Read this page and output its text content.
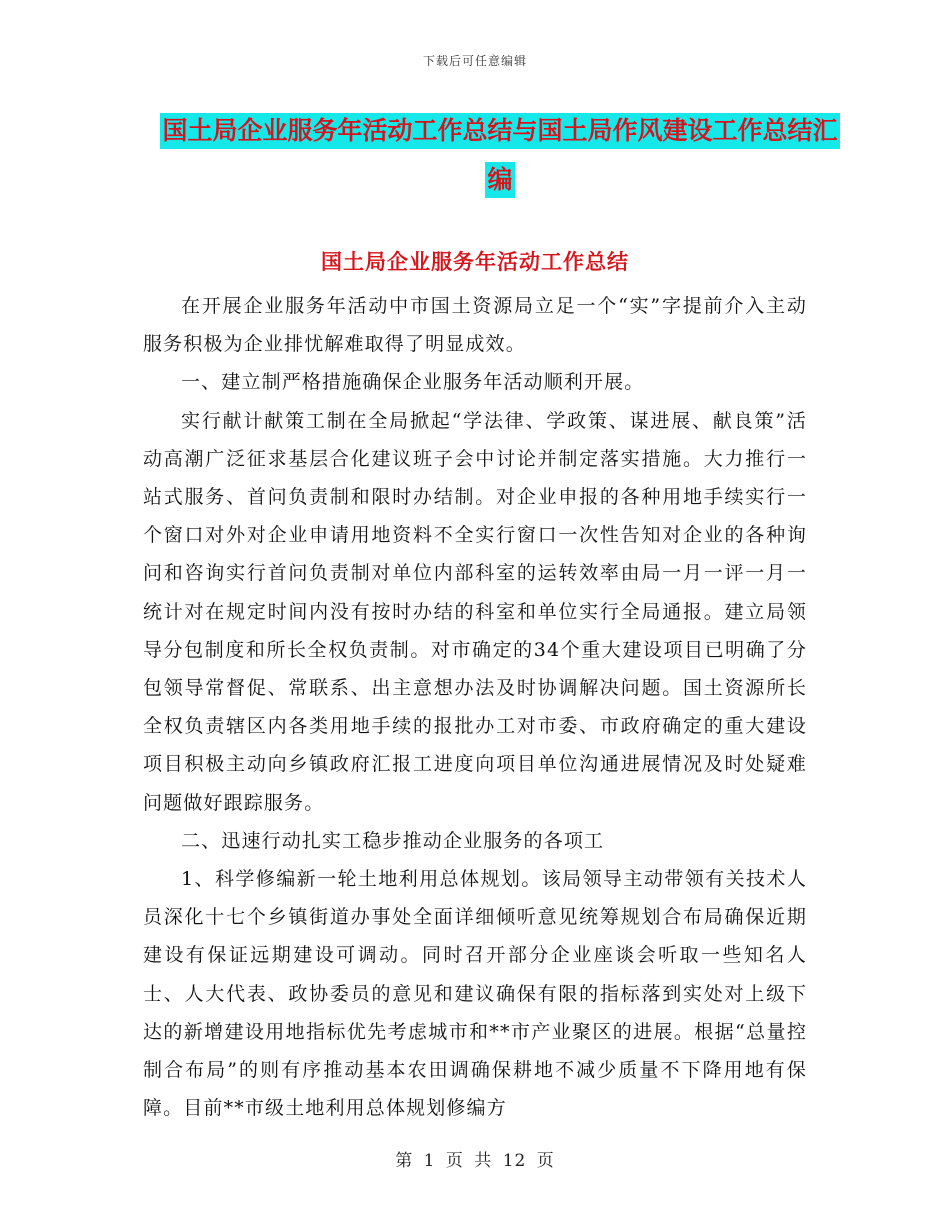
下载后可任意编辑
国土局企业服务年活动工作总结与国土局作风建设工作总结汇编
国土局企业服务年活动工作总结

在开展企业服务年活动中市国土资源局立足一个“实”字提前介入主动服务积极为企业排忧解难取得了明显成效。

一、建立制严格措施确保企业服务年活动顺利开展。

实行献计献策工制在全局掀起“学法律、学政策、谋进展、献良策”活动高潮广泛征求基层合化建议班子会中讨论并制定落实措施。大力推行一站式服务、首问负责制和限时办结制。对企业申报的各种用地手续实行一个窗口对外对企业申请用地资料不全实行窗口一次性告知对企业的各种询问和咨询实行首问负责制对单位内部科室的运转效率由局一月一评一月一统计对在规定时间内没有按时办结的科室和单位实行全局通报。建立局领导分包制度和所长全权负责制。对市确定的34个重大建设项目已明确了分包领导常督促、常联系、出主意想办法及时协调解决问题。国土资源所长全权负责辖区内各类用地手续的报批办工对市委、市政府确定的重大建设项目积极主动向乡镇政府汇报工进度向项目单位沟通进展情况及时处疑难问题做好跟踪服务。

二、迅速行动扎实工稳步推动企业服务的各项工

1、科学修编新一轮土地利用总体规划。该局领导主动带领有关技术人员深化十七个乡镇街道办事处全面详细倾听意见统筹规划合布局确保近期建设有保证远期建设可调动。同时召开部分企业座谈会听取一些知名人士、人大代表、政协委员的意见和建议确保有限的指标落到实处对上级下达的新增建设用地指标优先考虑城市和**市产业聚区的进展。根据“总量控制合布局”的则有序推动基本农田调确保耕地不减少质量不下降用地有保障。目前**市级土地利用总体规划修编方

第 1 页 共 12 页
